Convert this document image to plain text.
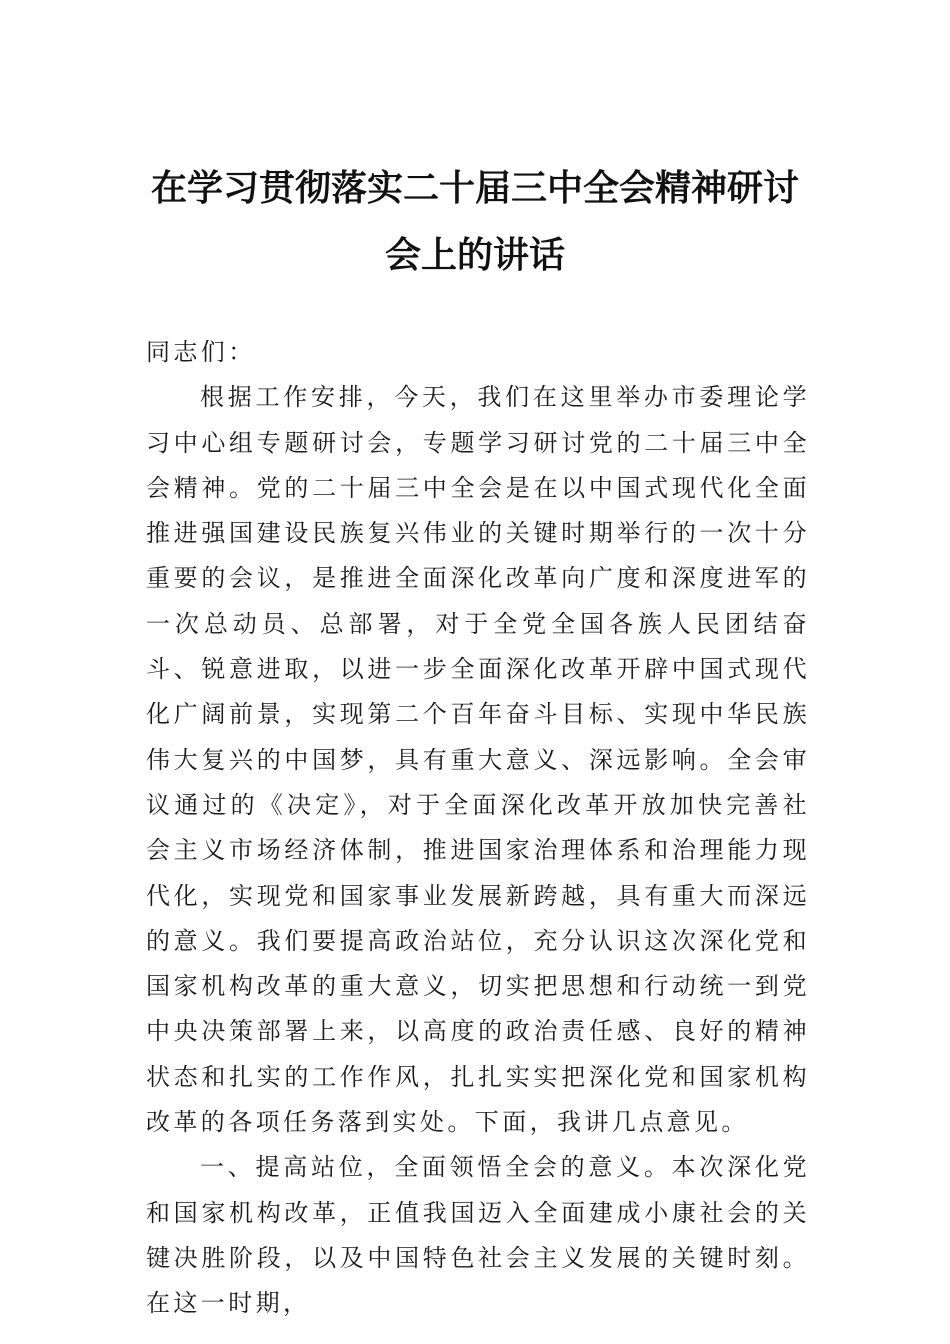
在学习贯彻落实二十届三中全会精神研讨
会上的讲话

同志们：

根据工作安排，今天，我们在这里举办市委理论学习中心组专题研讨会，专题学习研讨党的二十届三中全会精神。党的二十届三中全会是在以中国式现代化全面推进强国建设民族复兴伟业的关键时期举行的一次十分重要的会议，是推进全面深化改革向广度和深度进军的一次总动员、总部署，对于全党全国各族人民团结奋斗、锐意进取，以进一步全面深化改革开辟中国式现代化广阔前景，实现第二个百年奋斗目标、实现中华民族伟大复兴的中国梦，具有重大意义、深远影响。全会审议通过的《决定》，对于全面深化改革开放加快完善社会主义市场经济体制，推进国家治理体系和治理能力现代化，实现党和国家事业发展新跨越，具有重大而深远的意义。我们要提高政治站位，充分认识这次深化党和国家机构改革的重大意义，切实把思想和行动统一到党中央决策部署上来，以高度的政治责任感、良好的精神状态和扎实的工作作风，扎扎实实把深化党和国家机构改革的各项任务落到实处。下面，我讲几点意见。

一、提高站位，全面领悟全会的意义。本次深化党和国家机构改革，正值我国迈入全面建成小康社会的关键决胜阶段，以及中国特色社会主义发展的关键时刻。在这一时期，
